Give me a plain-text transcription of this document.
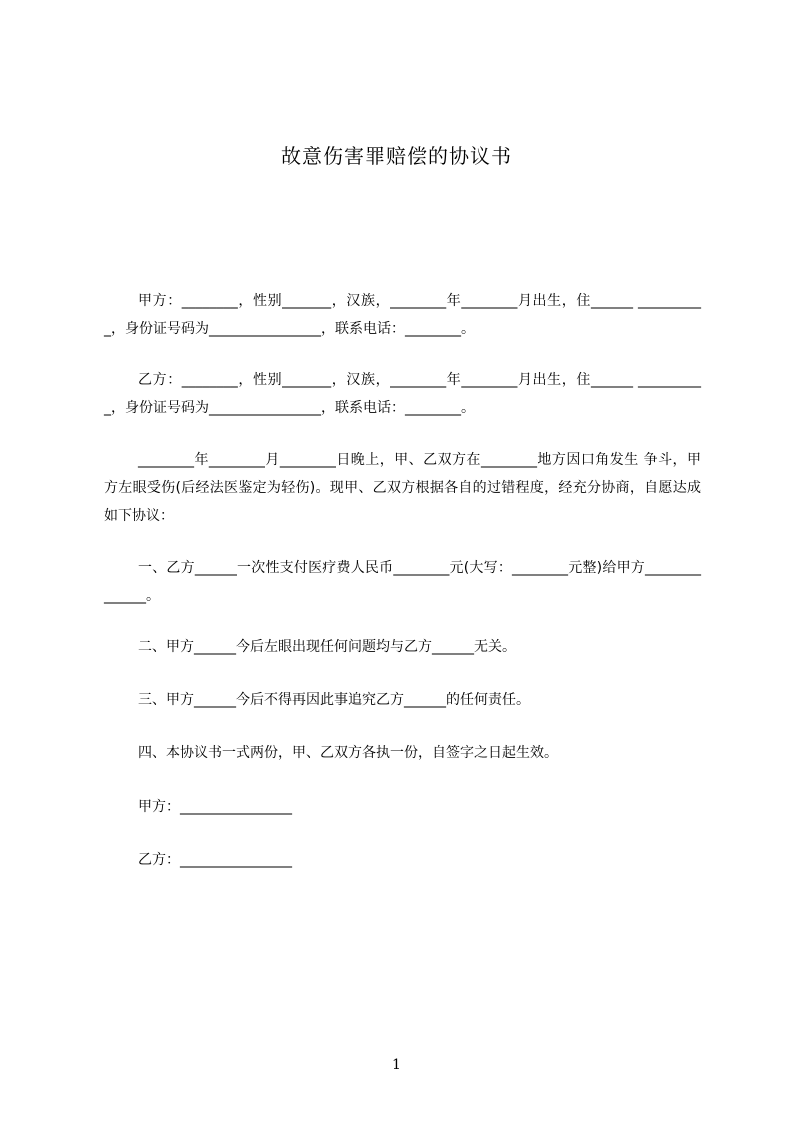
故意伤害罪赔偿的协议书

甲方：________，性别_______，汉族，________年________月出生，住______ __________，身份证号码为________________，联系电话：________。

乙方：________，性别_______，汉族，________年________月出生，住______ __________，身份证号码为________________，联系电话：________。

________年________月________日晚上，甲、乙双方在________地方因口角发生 争斗，甲方左眼受伤(后经法医鉴定为轻伤)。现甲、乙双方根据各自的过错程度，经充分协商，自愿达成如下协议：

一、乙方______一次性支付医疗费人民币________元(大写：________元整)给甲方______________。

二、甲方______今后左眼出现任何问题均与乙方______无关。

三、甲方______今后不得再因此事追究乙方______的任何责任。

四、本协议书一式两份，甲、乙双方各执一份，自签字之日起生效。

甲方：________________

乙方：________________

1
